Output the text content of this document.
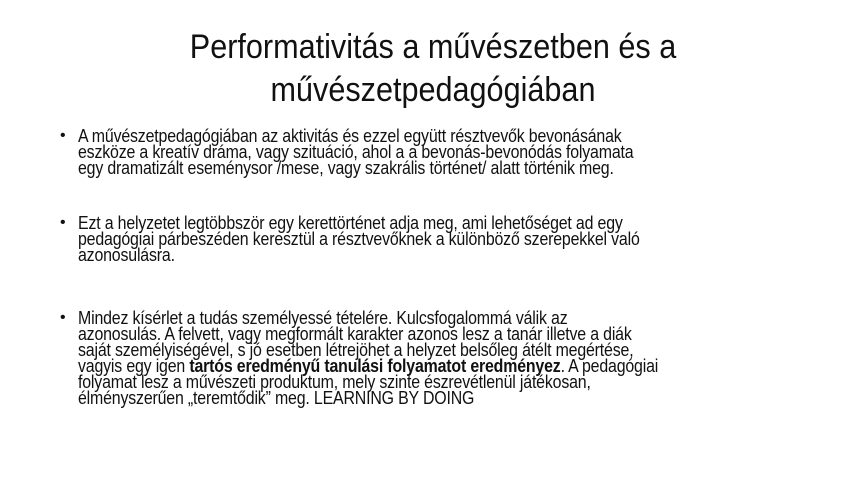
Performativitás a művészetben és a
művészetpedagógiában
• A művészetpedagógiában az aktivitás és ezzel együtt résztvevők bevonásának
eszköze a kreatív dráma, vagy szituáció, ahol a a bevonás-bevonódás folyamata
egy dramatizált eseménysor /mese, vagy szakrális történet/ alatt történik meg.
• Ezt a helyzetet legtöbbször egy kerettörténet adja meg, ami lehetőséget ad egy
pedagógiai párbeszéden keresztül a résztvevőknek a különböző szerepekkel való
azonosulásra.
• Mindez kísérlet a tudás személyessé tételére. Kulcsfogalommá válik az
azonosulás. A felvett, vagy megformált karakter azonos lesz a tanár illetve a diák
saját személyiségével, s jó esetben létrejöhet a helyzet belsőleg átélt megértése,
vagyis egy igen tartós eredményű tanulási folyamatot eredményez. A pedagógiai
folyamat lesz a művészeti produktum, mely szinte észrevétlenül játékosan,
élményszerűen „teremtődik” meg. LEARNING BY DOING
